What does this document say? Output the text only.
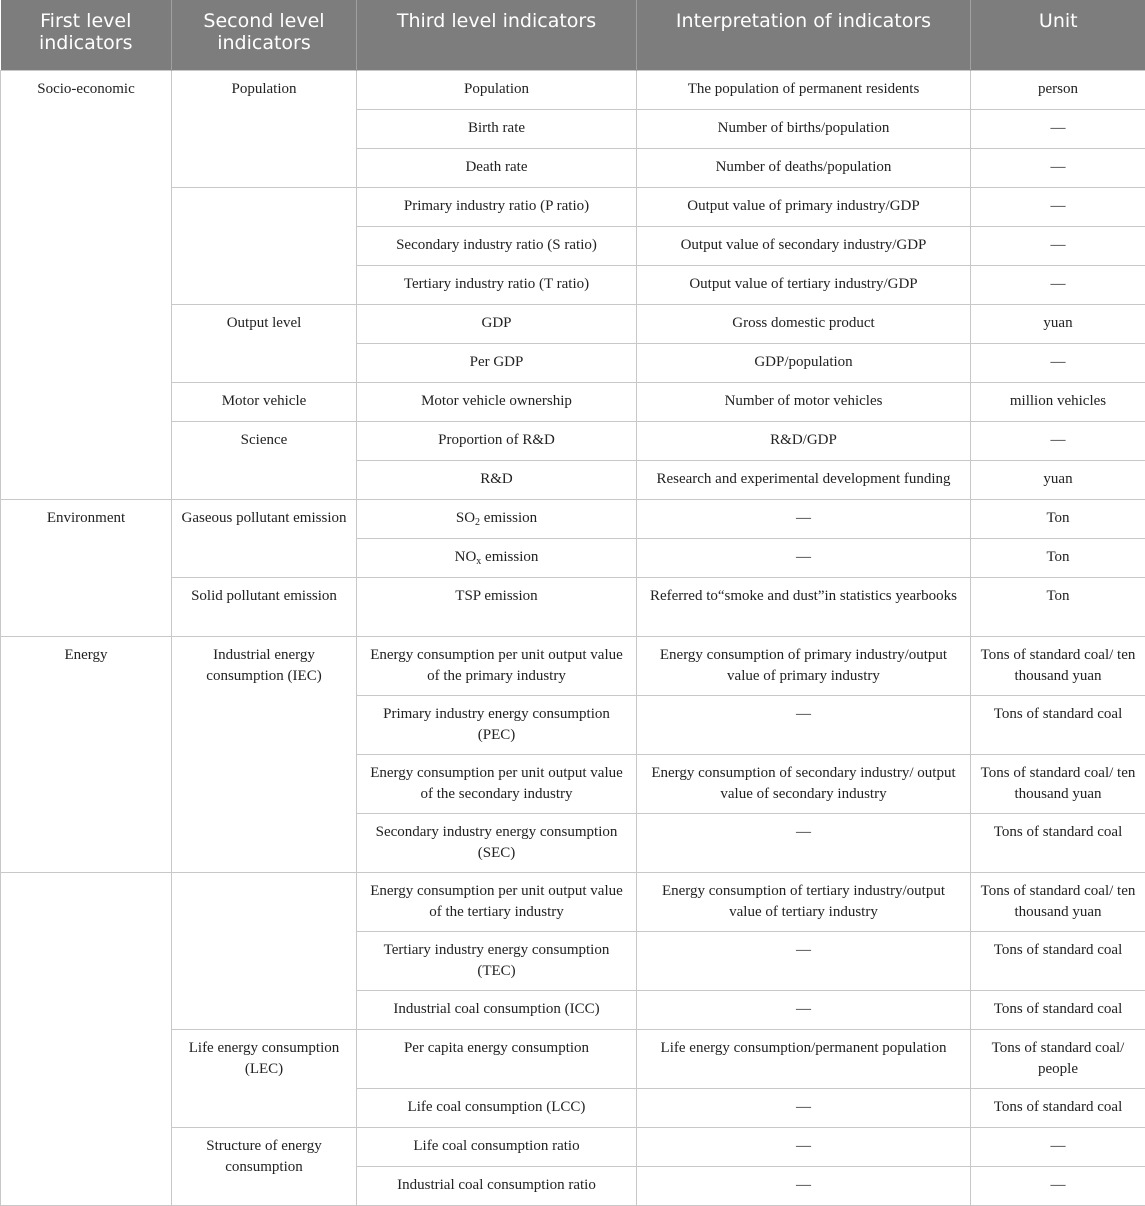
First level indicators	Second level indicators	Third level indicators	Interpretation of indicators	Unit
Socio-economic	Population	Population	The population of permanent residents	person
		Birth rate	Number of births/population	—
		Death rate	Number of deaths/population	—
		Primary industry ratio (P ratio)	Output value of primary industry/GDP	—
		Secondary industry ratio (S ratio)	Output value of secondary industry/GDP	—
		Tertiary industry ratio (T ratio)	Output value of tertiary industry/GDP	—
	Output level	GDP	Gross domestic product	yuan
		Per GDP	GDP/population	—
	Motor vehicle	Motor vehicle ownership	Number of motor vehicles	million vehicles
	Science	Proportion of R&D	R&D/GDP	—
		R&D	Research and experimental development funding	yuan
Environment	Gaseous pollutant emission	$SO_2$ emission	—	Ton
		$NO_x$ emission	—	Ton
	Solid pollutant emission	TSP emission	Referred to“smoke and dust”in statistics yearbooks	Ton
Energy	Industrial energy consumption (IEC)	Energy consumption per unit output value of the primary industry	Energy consumption of primary industry/output value of primary industry	Tons of standard coal/ ten thousand yuan
		Primary industry energy consumption (PEC)	—	Tons of standard coal
		Energy consumption per unit output value of the secondary industry	Energy consumption of secondary industry/ output value of secondary industry	Tons of standard coal/ ten thousand yuan
		Secondary industry energy consumption (SEC)	—	Tons of standard coal
		Energy consumption per unit output value of the tertiary industry	Energy consumption of tertiary industry/output value of tertiary industry	Tons of standard coal/ ten thousand yuan
		Tertiary industry energy consumption (TEC)	—	Tons of standard coal
		Industrial coal consumption (ICC)	—	Tons of standard coal
	Life energy consumption (LEC)	Per capita energy consumption	Life energy consumption/permanent population	Tons of standard coal/ people
		Life coal consumption (LCC)	—	Tons of standard coal
	Structure of energy consumption	Life coal consumption ratio	—	—
		Industrial coal consumption ratio	—	—
